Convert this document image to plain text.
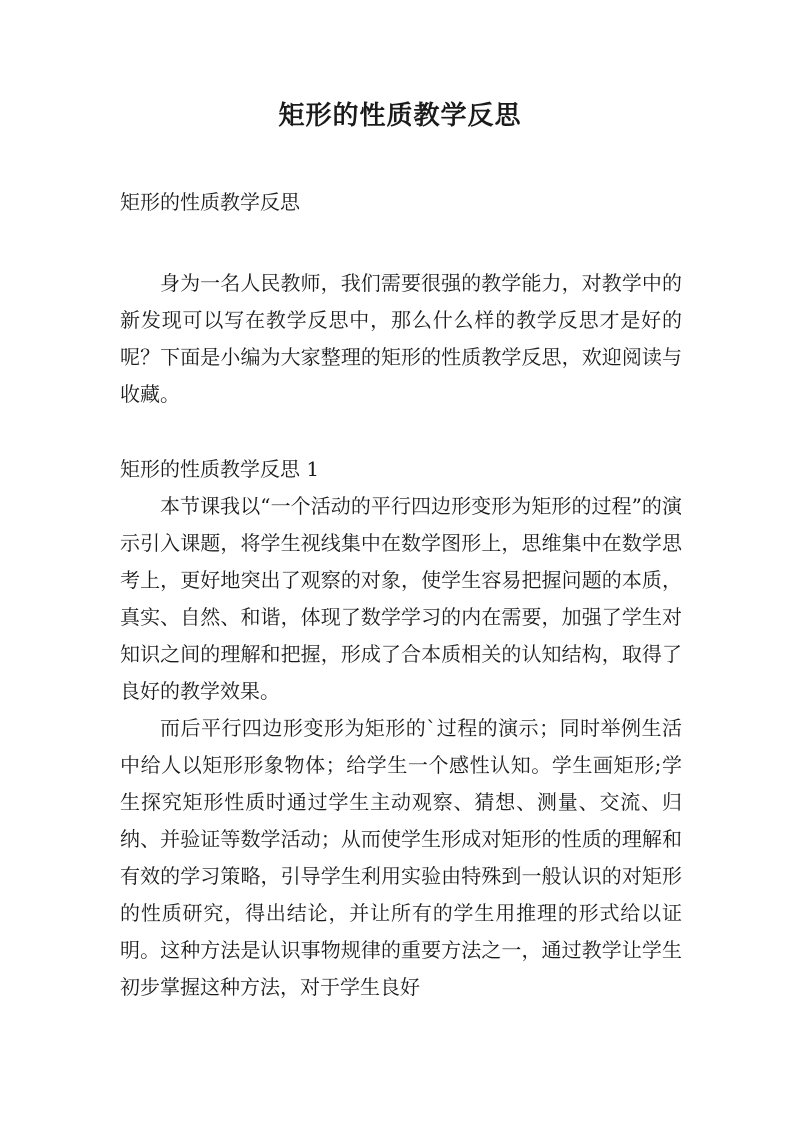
矩形的性质教学反思

矩形的性质教学反思

身为一名人民教师，我们需要很强的教学能力，对教学中的新发现可以写在教学反思中，那么什么样的教学反思才是好的呢？下面是小编为大家整理的矩形的性质教学反思，欢迎阅读与收藏。

矩形的性质教学反思 1

本节课我以“一个活动的平行四边形变形为矩形的过程”的演示引入课题，将学生视线集中在数学图形上，思维集中在数学思考上，更好地突出了观察的对象，使学生容易把握问题的本质，真实、自然、和谐，体现了数学学习的内在需要，加强了学生对知识之间的理解和把握，形成了合本质相关的认知结构，取得了良好的教学效果。

而后平行四边形变形为矩形的`过程的演示；同时举例生活中给人以矩形形象物体；给学生一个感性认知。学生画矩形;学生探究矩形性质时通过学生主动观察、猜想、测量、交流、归纳、并验证等数学活动；从而使学生形成对矩形的性质的理解和有效的学习策略，引导学生利用实验由特殊到一般认识的对矩形的性质研究，得出结论，并让所有的学生用推理的形式给以证明。这种方法是认识事物规律的重要方法之一，通过教学让学生初步掌握这种方法，对于学生良好
